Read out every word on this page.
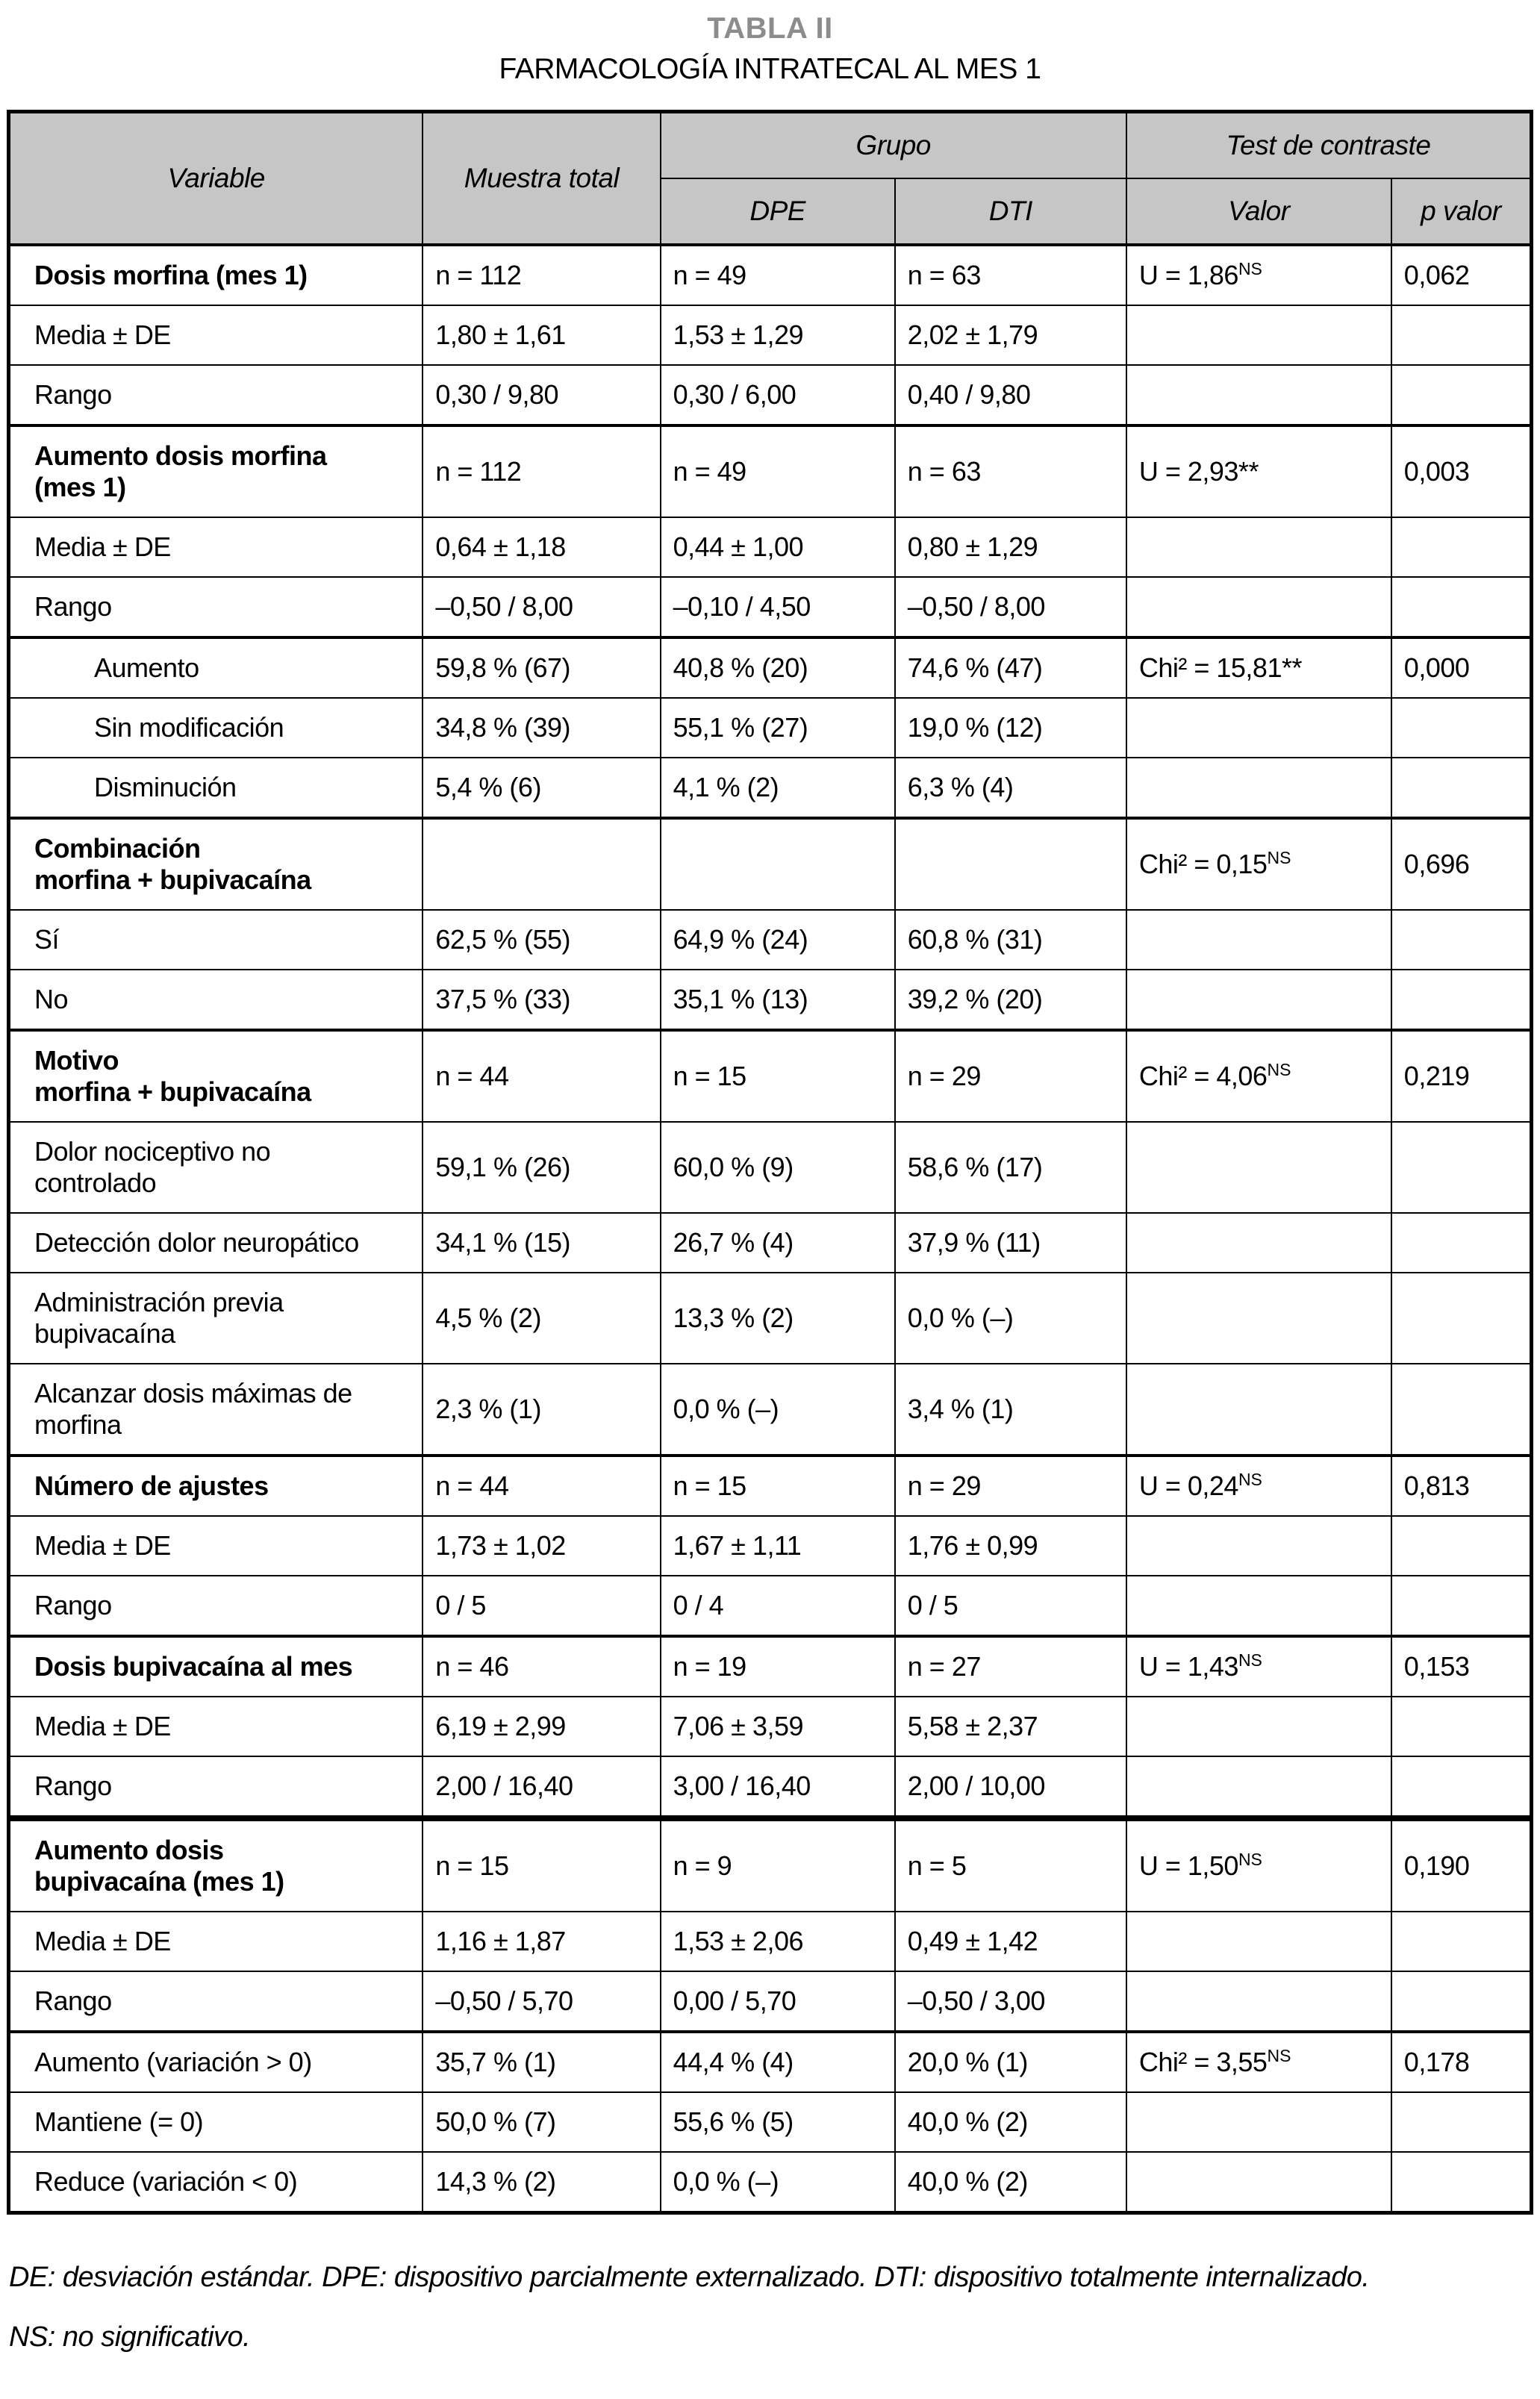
TABLA II
FARMACOLOGÍA INTRATECAL AL MES 1
Variable	Muestra total	Grupo		Test de contraste	
		DPE	DTI	Valor	p valor
Dosis morfina (mes 1)	n = 112	n = 49	n = 63	$U = 1,86^{NS}$	0,062
Media ± DE	1,80 ± 1,61	1,53 ± 1,29	2,02 ± 1,79		
Rango	0,30 / 9,80	0,30 / 6,00	0,40 / 9,80		
Aumento dosis morfina
(mes 1)	n = 112	n = 49	n = 63	U = 2,93**	0,003
Media ± DE	0,64 ± 1,18	0,44 ± 1,00	0,80 ± 1,29		
Rango	–0,50 / 8,00	–0,10 / 4,50	–0,50 / 8,00		
Aumento	59,8 % (67)	40,8 % (20)	74,6 % (47)	Chi² = 15,81**	0,000
Sin modificación	34,8 % (39)	55,1 % (27)	19,0 % (12)		
Disminución	5,4 % (6)	4,1 % (2)	6,3 % (4)		
Combinación
morfina + bupivacaína				$Chi^2 = 0,15^{NS}$	0,696
Sí	62,5 % (55)	64,9 % (24)	60,8 % (31)		
No	37,5 % (33)	35,1 % (13)	39,2 % (20)		
Motivo
morfina + bupivacaína	n = 44	n = 15	n = 29	$Chi^2 = 4,06^{NS}$	0,219
Dolor nociceptivo no
controlado	59,1 % (26)	60,0 % (9)	58,6 % (17)		
Detección dolor neuropático	34,1 % (15)	26,7 % (4)	37,9 % (11)		
Administración previa
bupivacaína	4,5 % (2)	13,3 % (2)	0,0 % (–)		
Alcanzar dosis máximas de
morfina	2,3 % (1)	0,0 % (–)	3,4 % (1)		
Número de ajustes	n = 44	n = 15	n = 29	$U = 0,24^{NS}$	0,813
Media ± DE	1,73 ± 1,02	1,67 ± 1,11	1,76 ± 0,99		
Rango	0 / 5	0 / 4	0 / 5		
Dosis bupivacaína al mes	n = 46	n = 19	n = 27	$U = 1,43^{NS}$	0,153
Media ± DE	6,19 ± 2,99	7,06 ± 3,59	5,58 ± 2,37		
Rango	2,00 / 16,40	3,00 / 16,40	2,00 / 10,00		
Aumento dosis
bupivacaína (mes 1)	n = 15	n = 9	n = 5	$U = 1,50^{NS}$	0,190
Media ± DE	1,16 ± 1,87	1,53 ± 2,06	0,49 ± 1,42		
Rango	–0,50 / 5,70	0,00 / 5,70	–0,50 / 3,00		
Aumento (variación > 0)	35,7 % (1)	44,4 % (4)	20,0 % (1)	$Chi^2 = 3,55^{NS}$	0,178
Mantiene (= 0)	50,0 % (7)	55,6 % (5)	40,0 % (2)		
Reduce (variación < 0)	14,3 % (2)	0,0 % (–)	40,0 % (2)		
DE: desviación estándar. DPE: dispositivo parcialmente externalizado. DTI: dispositivo totalmente internalizado.
NS: no significativo.
